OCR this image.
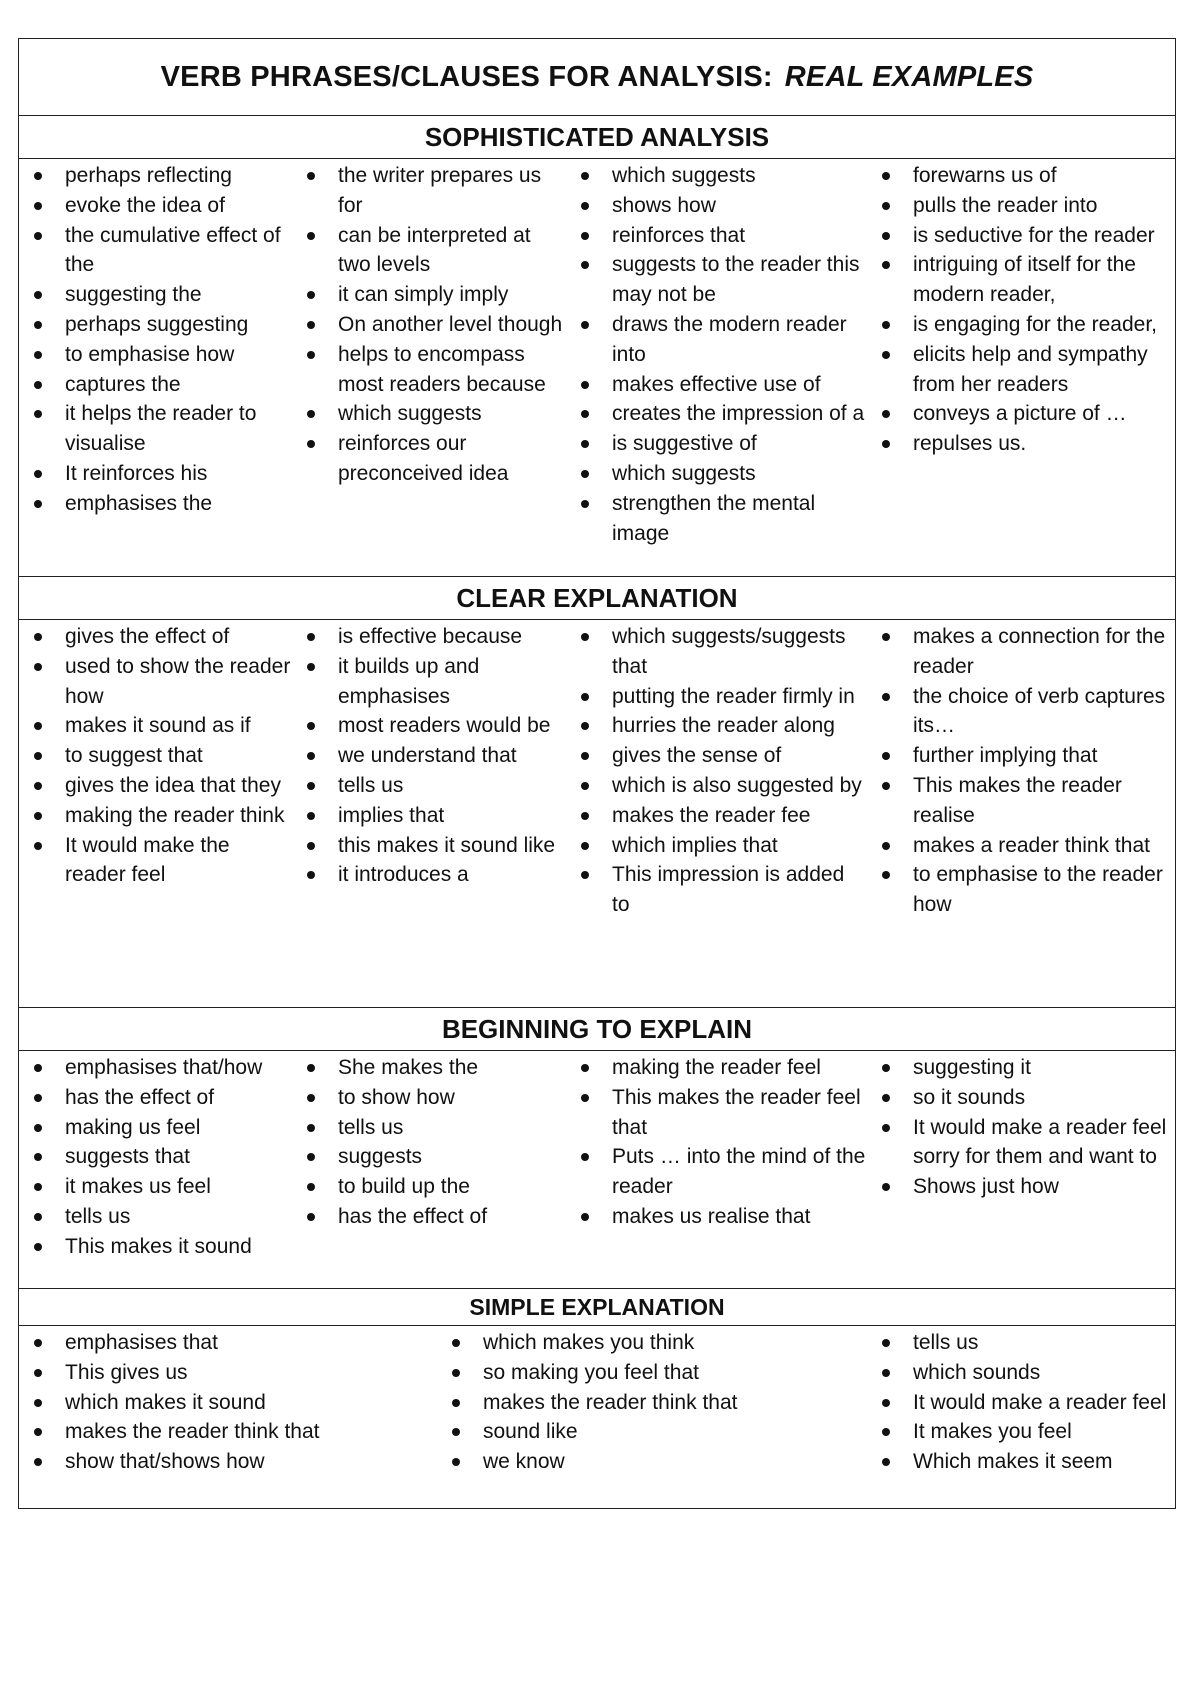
VERB PHRASES/CLAUSES FOR ANALYSIS: REAL EXAMPLES
SOPHISTICATED ANALYSIS
perhaps reflecting
evoke the idea of
the cumulative effect of the
suggesting the
perhaps suggesting
to emphasise how
captures the
it helps the reader to visualise
It reinforces his
emphasises the
the writer prepares us for
can be interpreted at two levels
it can simply imply
On another level though
helps to encompass most readers because
which suggests
reinforces our preconceived idea
which suggests
shows how
reinforces that
suggests to the reader this may not be
draws the modern reader into
makes effective use of
creates the impression of a
is suggestive of
which suggests
strengthen the mental image
forewarns us of
pulls the reader into
is seductive for the reader
intriguing of itself for the modern reader,
is engaging for the reader,
elicits help and sympathy from her readers
conveys a picture of …
repulses us.
CLEAR EXPLANATION
gives the effect of
used to show the reader how
makes it sound as if
to suggest that
gives the idea that they
making the reader think
It would make the reader feel
is effective because
it builds up and emphasises
most readers would be
we understand that
tells us
implies that
this makes it sound like
it introduces a
which suggests/suggests that
putting the reader firmly in
hurries the reader along
gives the sense of
which is also suggested by
makes the reader fee
which implies that
This impression is added to
makes a connection for the reader
the choice of verb captures its…
further implying that
This makes the reader realise
makes a reader think that
to emphasise to the reader how
BEGINNING TO EXPLAIN
emphasises that/how
has the effect of
making us feel
suggests that
it makes us feel
tells us
This makes it sound
She makes the
to show how
tells us
suggests
to build up the
has the effect of
making the reader feel
This makes the reader feel that
Puts … into the mind of the reader
makes us realise that
suggesting it
so it sounds
It would make a reader feel sorry for them and want to
Shows just how
SIMPLE EXPLANATION
emphasises that
This gives us
which makes it sound
makes the reader think that
show that/shows how
which makes you think
so making you feel that
makes the reader think that
sound like
we know
tells us
which sounds
It would make a reader feel
It makes you feel
Which makes it seem
